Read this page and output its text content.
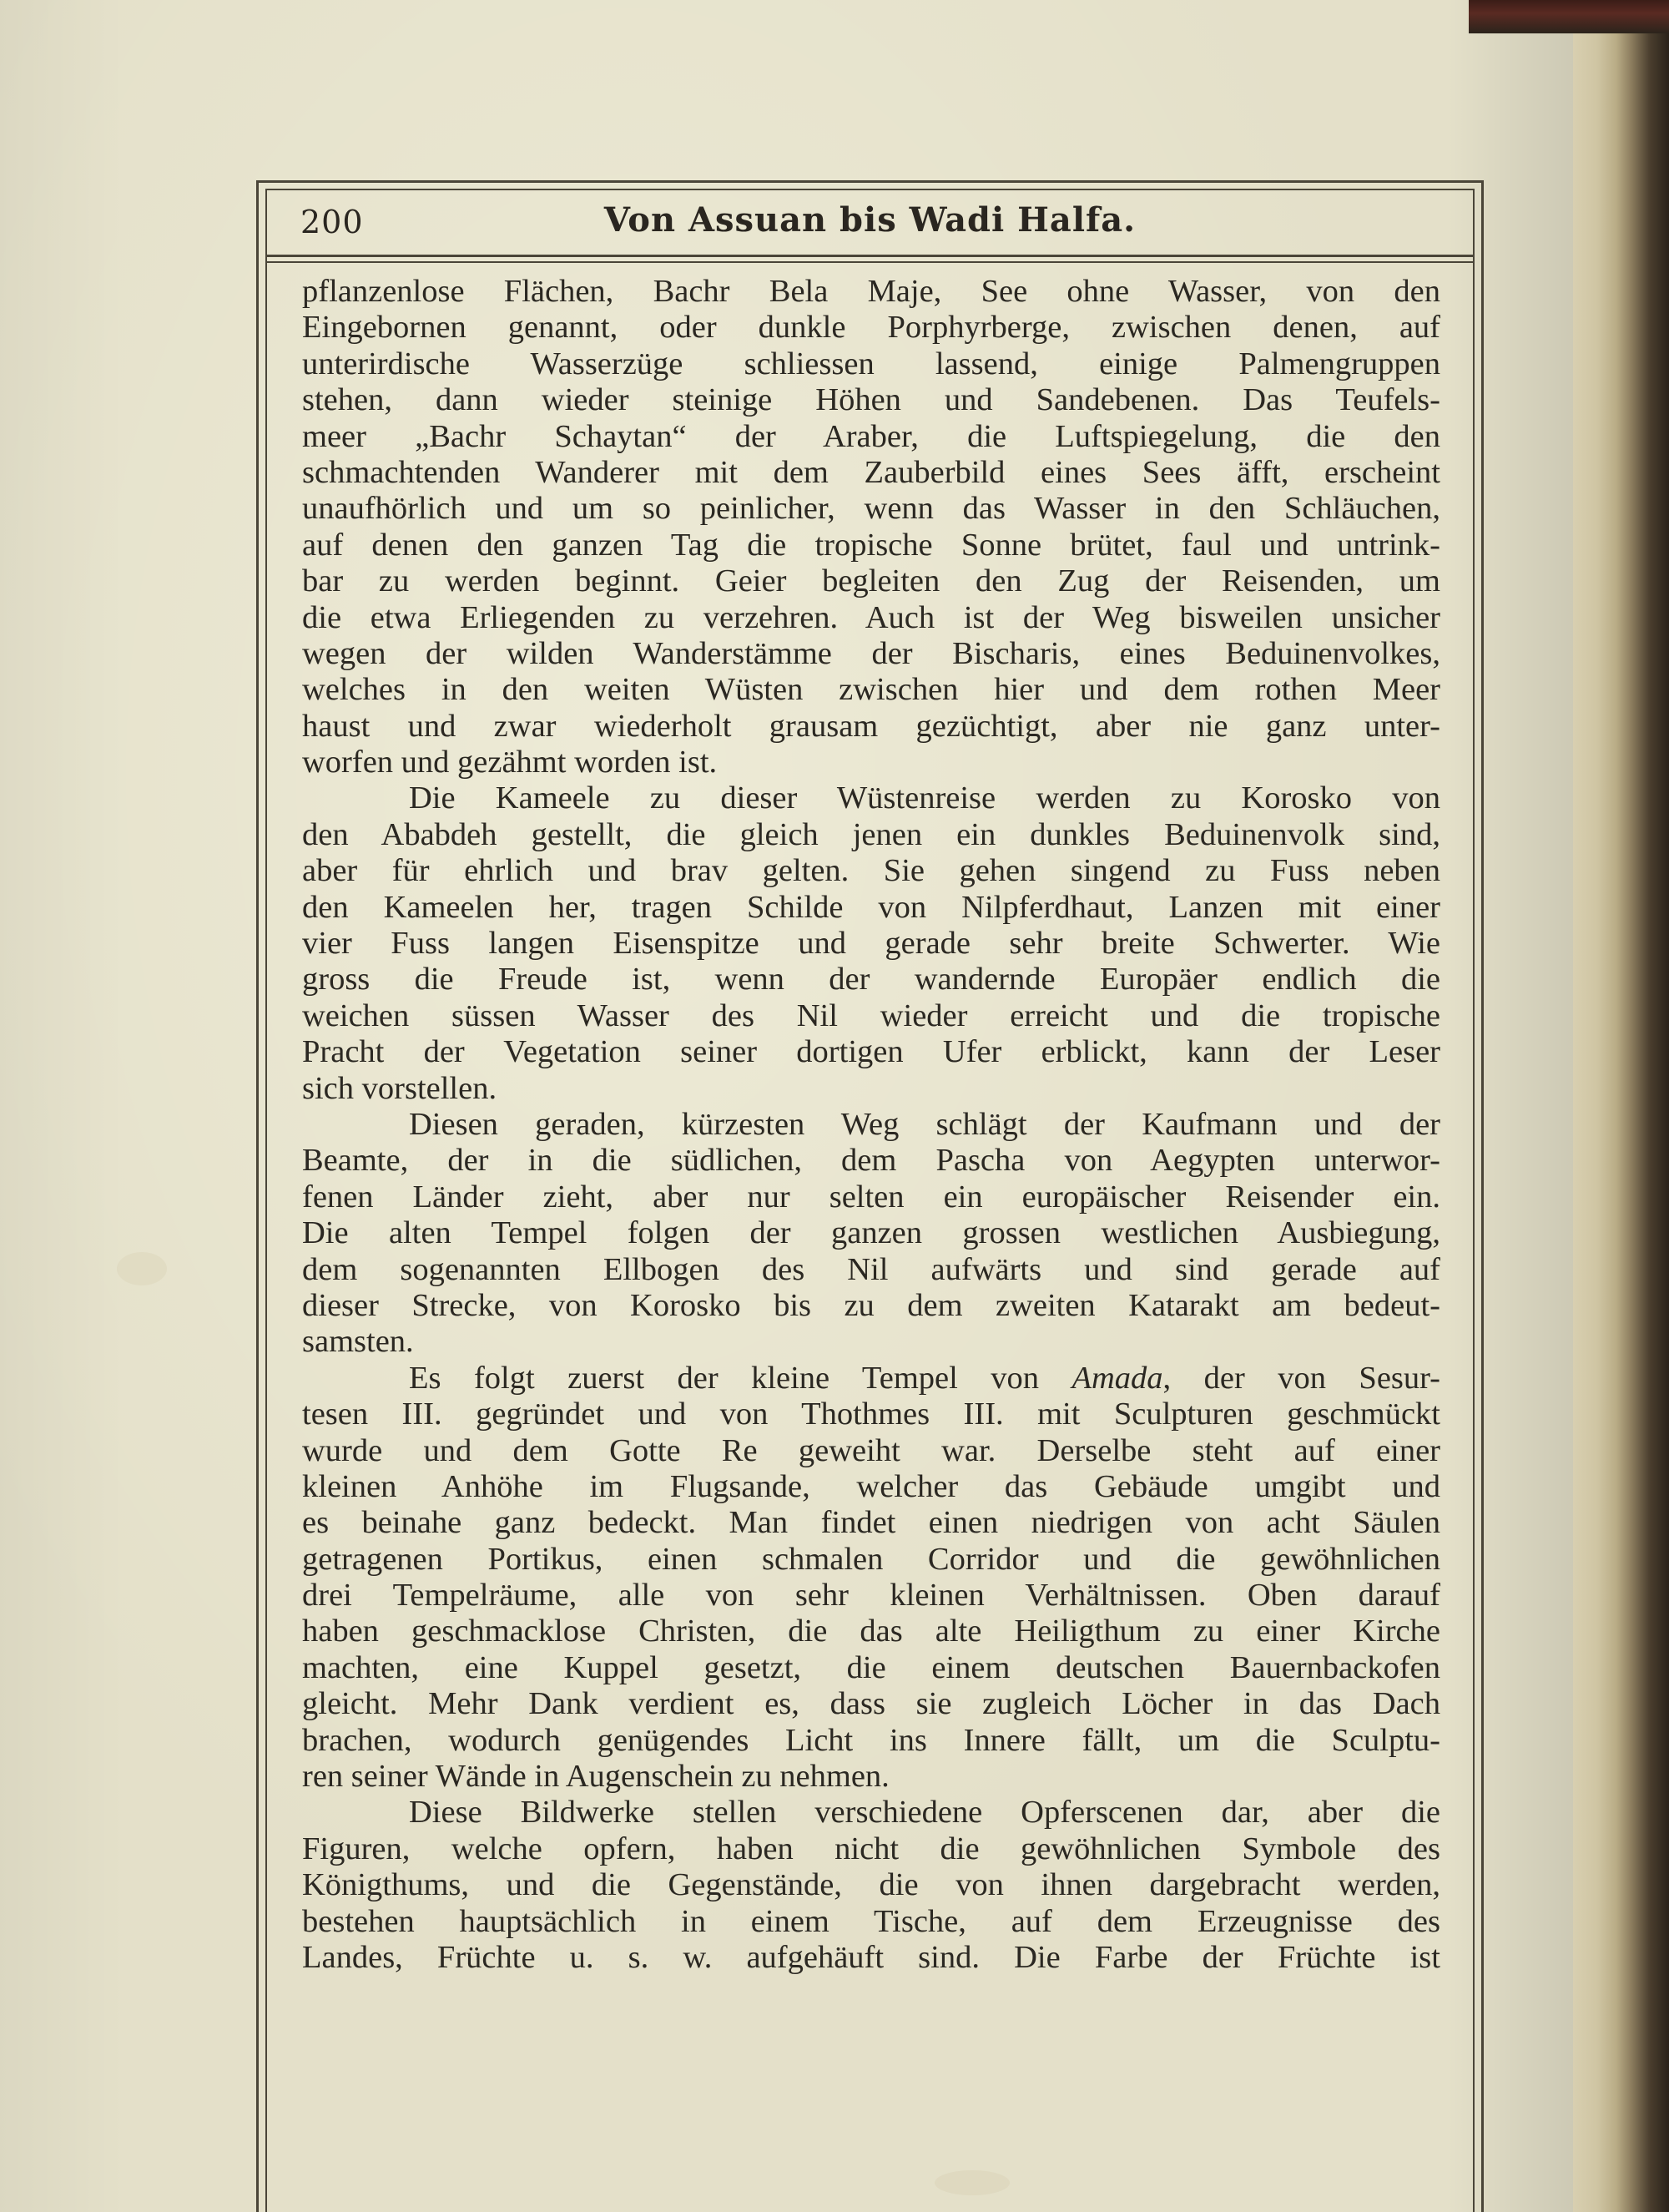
200	Von Assuan bis Wadi Halfa.
pflanzenlose Flächen, Bachr Bela Maje, See ohne Wasser, von den
Eingebornen genannt, oder dunkle Porphyrberge, zwischen denen, auf
unterirdische Wasserzüge schliessen lassend, einige Palmengruppen
stehen, dann wieder steinige Höhen und Sandebenen. Das Teufels-
meer „Bachr Schaytan“ der Araber, die Luftspiegelung, die den
schmachtenden Wanderer mit dem Zauberbild eines Sees äfft, erscheint
unaufhörlich und um so peinlicher, wenn das Wasser in den Schläuchen,
auf denen den ganzen Tag die tropische Sonne brütet, faul und untrink-
bar zu werden beginnt. Geier begleiten den Zug der Reisenden, um
die etwa Erliegenden zu verzehren. Auch ist der Weg bisweilen unsicher
wegen der wilden Wanderstämme der Bischaris, eines Beduinenvolkes,
welches in den weiten Wüsten zwischen hier und dem rothen Meer
haust und zwar wiederholt grausam gezüchtigt, aber nie ganz unter-
worfen und gezähmt worden ist.
Die Kameele zu dieser Wüstenreise werden zu Korosko von
den Ababdeh gestellt, die gleich jenen ein dunkles Beduinenvolk sind,
aber für ehrlich und brav gelten. Sie gehen singend zu Fuss neben
den Kameelen her, tragen Schilde von Nilpferdhaut, Lanzen mit einer
vier Fuss langen Eisenspitze und gerade sehr breite Schwerter. Wie
gross die Freude ist, wenn der wandernde Europäer endlich die
weichen süssen Wasser des Nil wieder erreicht und die tropische
Pracht der Vegetation seiner dortigen Ufer erblickt, kann der Leser
sich vorstellen.
Diesen geraden, kürzesten Weg schlägt der Kaufmann und der
Beamte, der in die südlichen, dem Pascha von Aegypten unterwor-
fenen Länder zieht, aber nur selten ein europäischer Reisender ein.
Die alten Tempel folgen der ganzen grossen westlichen Ausbiegung,
dem sogenannten Ellbogen des Nil aufwärts und sind gerade auf
dieser Strecke, von Korosko bis zu dem zweiten Katarakt am bedeut-
samsten.
Es folgt zuerst der kleine Tempel von Amada, der von Sesur-
tesen III. gegründet und von Thothmes III. mit Sculpturen geschmückt
wurde und dem Gotte Re geweiht war. Derselbe steht auf einer
kleinen Anhöhe im Flugsande, welcher das Gebäude umgibt und
es beinahe ganz bedeckt. Man findet einen niedrigen von acht Säulen
getragenen Portikus, einen schmalen Corridor und die gewöhnlichen
drei Tempelräume, alle von sehr kleinen Verhältnissen. Oben darauf
haben geschmacklose Christen, die das alte Heiligthum zu einer Kirche
machten, eine Kuppel gesetzt, die einem deutschen Bauernbackofen
gleicht. Mehr Dank verdient es, dass sie zugleich Löcher in das Dach
brachen, wodurch genügendes Licht ins Innere fällt, um die Sculptu-
ren seiner Wände in Augenschein zu nehmen.
Diese Bildwerke stellen verschiedene Opferscenen dar, aber die
Figuren, welche opfern, haben nicht die gewöhnlichen Symbole des
Königthums, und die Gegenstände, die von ihnen dargebracht werden,
bestehen hauptsächlich in einem Tische, auf dem Erzeugnisse des
Landes, Früchte u. s. w. aufgehäuft sind. Die Farbe der Früchte ist
